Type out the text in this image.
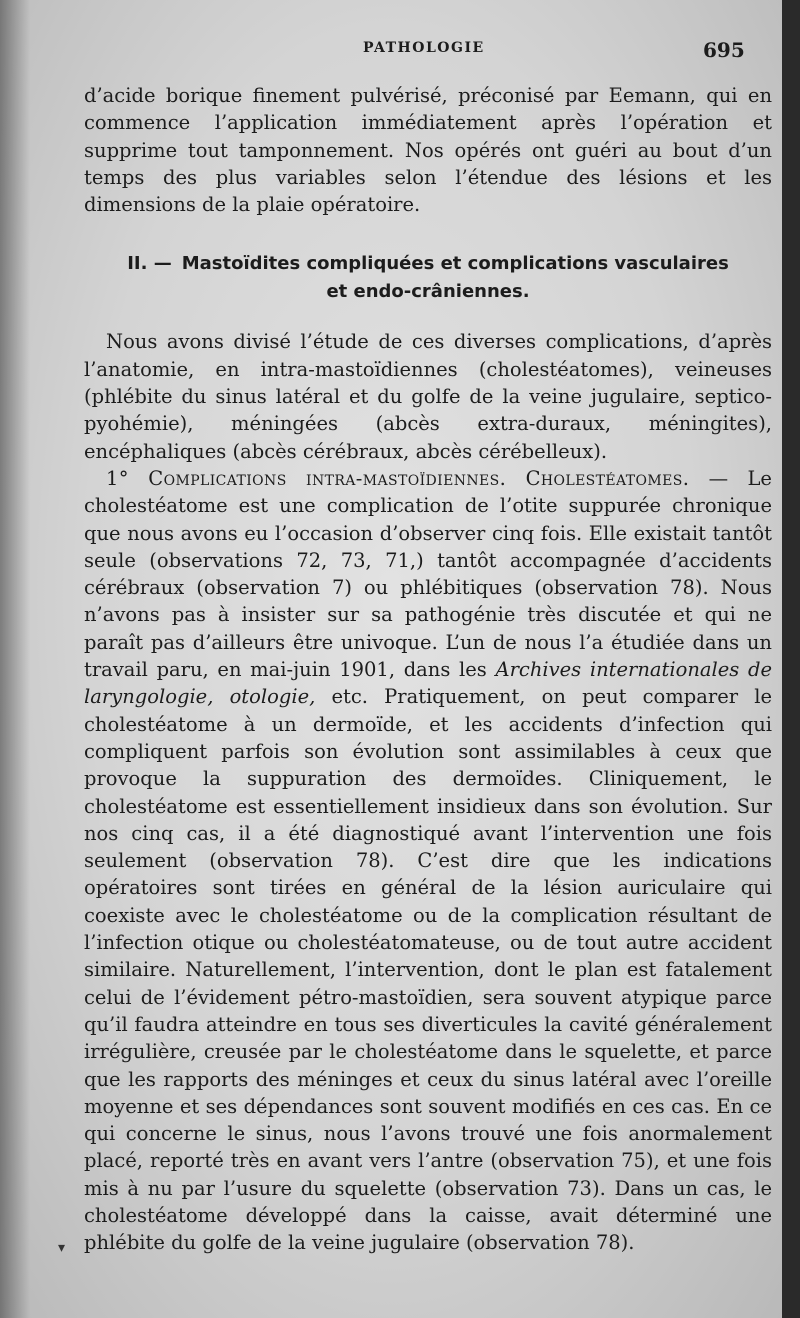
PATHOLOGIE	695

d’acide borique finement pulvérisé, préconisé par Eemann, qui en commence l’application immédiatement après l’opération et supprime tout tamponnement. Nos opérés ont guéri au bout d’un temps des plus variables selon l’étendue des lésions et les dimensions de la plaie opératoire.

II. — Mastoïdites compliquées et complications vasculaires
et endo-crâniennes.

Nous avons divisé l’étude de ces diverses complications, d’après l’anatomie, en intra-mastoïdiennes (cholestéatomes), veineuses (phlébite du sinus latéral et du golfe de la veine jugulaire, septico-pyohémie), méningées (abcès extra-duraux, méningites), encéphaliques (abcès cérébraux, abcès cérébelleux).

1° Complications intra-mastoïdiennes. Cholestéatomes. — Le cholestéatome est une complication de l’otite suppurée chronique que nous avons eu l’occasion d’observer cinq fois. Elle existait tantôt seule (observations 72, 73, 71,) tantôt accompagnée d’accidents cérébraux (observation 7) ou phlébitiques (observation 78). Nous n’avons pas à insister sur sa pathogénie très discutée et qui ne paraît pas d’ailleurs être univoque. L’un de nous l’a étudiée dans un travail paru, en mai-juin 1901, dans les Archives internationales de laryngologie, otologie, etc. Pratiquement, on peut comparer le cholestéatome à un dermoïde, et les accidents d’infection qui compliquent parfois son évolution sont assimilables à ceux que provoque la suppuration des dermoïdes. Cliniquement, le cholestéatome est essentiellement insidieux dans son évolution. Sur nos cinq cas, il a été diagnostiqué avant l’intervention une fois seulement (observation 78). C’est dire que les indications opératoires sont tirées en général de la lésion auriculaire qui coexiste avec le cholestéatome ou de la complication résultant de l’infection otique ou cholestéatomateuse, ou de tout autre accident similaire. Naturellement, l’intervention, dont le plan est fatalement celui de l’évidement pétro-mastoïdien, sera souvent atypique parce qu’il faudra atteindre en tous ses diverticules la cavité généralement irrégulière, creusée par le cholestéatome dans le squelette, et parce que les rapports des méninges et ceux du sinus latéral avec l’oreille moyenne et ses dépendances sont souvent modifiés en ces cas. En ce qui concerne le sinus, nous l’avons trouvé une fois anormalement placé, reporté très en avant vers l’antre (observation 75), et une fois mis à nu par l’usure du squelette (observation 73). Dans un cas, le cholestéatome développé dans la caisse, avait déterminé une phlébite du golfe de la veine jugulaire (observation 78).

▾
